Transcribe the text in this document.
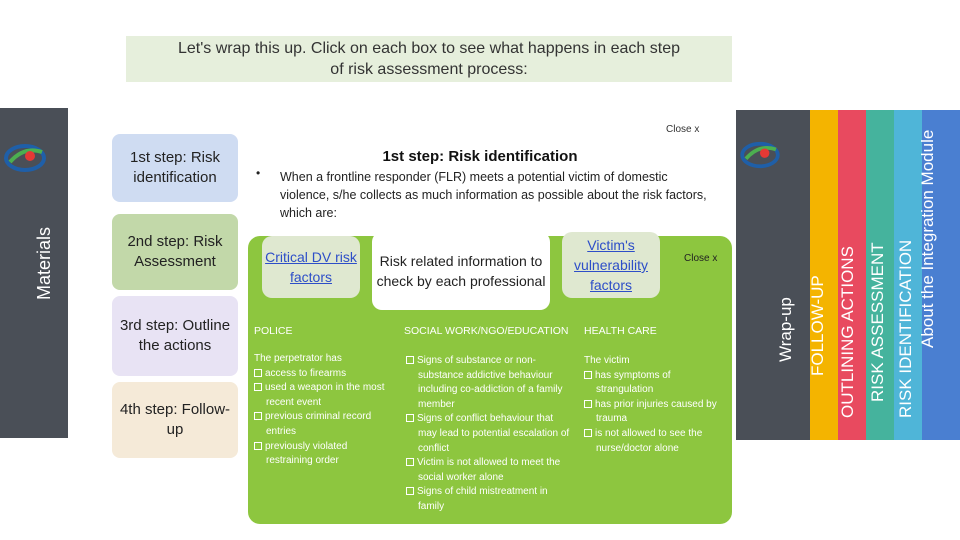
Let's wrap this up. Click on each box to see what happens in each step
of risk assessment process:
Materials
1st step: Risk identification
2nd step: Risk Assessment
3rd step: Outline the actions
4th step: Follow-up
Close x
•
1st step: Risk identification
When a frontline responder (FLR) meets a potential victim of domestic violence, s/he collects as much information as possible about the risk factors, which are:
Critical DV risk factors
Risk related information to check by each professional
Victim's vulnerability factors
Close x
POLICE	SOCIAL WORK/NGO/EDUCATION HEALTH CARE
The perpetrator has
access to firearms
used a weapon in the most recent event
previous criminal record entries
previously violated restraining order
Signs of substance or non-substance addictive behaviour including co-addiction of a family member
Signs of conflict behaviour that may lead to potential escalation of conflict
Victim is not allowed to meet the social worker alone
Signs of child mistreatment in family
The victim
has symptoms of strangulation
has prior injuries caused by trauma
is not allowed to see the nurse/doctor alone
Wrap-up FOLLOW-UP OUTLINING ACTIONS RISK ASSESSMENT RISK IDENTIFICATION About the Integration Module
